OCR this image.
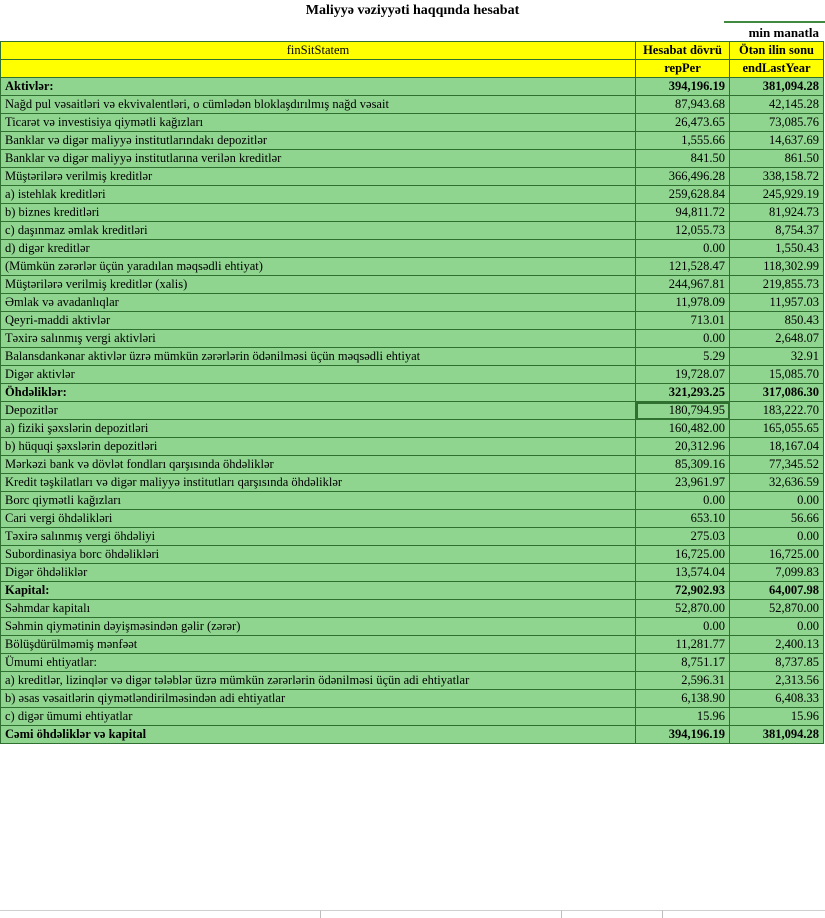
Maliyyə vəziyyəti haqqında hesabat
min manatla
finSitStatem	Hesabat dövrü	Ötən ilin sonu
	repPer	endLastYear
Aktivlər:	394,196.19	381,094.28
Nağd pul vəsaitləri və ekvivalentləri, o cümlədən bloklaşdırılmış nağd vəsait	87,943.68	42,145.28
Ticarət və investisiya qiymətli kağızları	26,473.65	73,085.76
Banklar və digər maliyyə institutlarındakı depozitlər	1,555.66	14,637.69
Banklar və digər maliyyə institutlarına verilən kreditlər	841.50	861.50
Müştərilərə verilmiş kreditlər	366,496.28	338,158.72
a) istehlak kreditləri	259,628.84	245,929.19
b) biznes kreditləri	94,811.72	81,924.73
c) daşınmaz əmlak kreditləri	12,055.73	8,754.37
d) digər kreditlər	0.00	1,550.43
(Mümkün zərərlər üçün yaradılan məqsədli ehtiyat)	121,528.47	118,302.99
Müştərilərə verilmiş kreditlər (xalis)	244,967.81	219,855.73
Əmlak və avadanlıqlar	11,978.09	11,957.03
Qeyri-maddi aktivlər	713.01	850.43
Təxirə salınmış vergi aktivləri	0.00	2,648.07
Balansdankənar aktivlər üzrə mümkün zərərlərin ödənilməsi üçün məqsədli ehtiyat	5.29	32.91
Digər aktivlər	19,728.07	15,085.70
Öhdəliklər:	321,293.25	317,086.30
Depozitlər	180,794.95	183,222.70
a) fiziki şəxslərin depozitləri	160,482.00	165,055.65
b) hüquqi şəxslərin depozitləri	20,312.96	18,167.04
Mərkəzi bank və dövlət fondları qarşısında öhdəliklər	85,309.16	77,345.52
Kredit təşkilatları və digər maliyyə institutları qarşısında öhdəliklər	23,961.97	32,636.59
Borc qiymətli kağızları	0.00	0.00
Cari vergi öhdəlikləri	653.10	56.66
Təxirə salınmış vergi öhdəliyi	275.03	0.00
Subordinasiya borc öhdəlikləri	16,725.00	16,725.00
Digər öhdəliklər	13,574.04	7,099.83
Kapital:	72,902.93	64,007.98
Səhmdar kapitalı	52,870.00	52,870.00
Səhmin qiymətinin dəyişməsindən gəlir (zərər)	0.00	0.00
Bölüşdürülməmiş mənfəət	11,281.77	2,400.13
Ümumi ehtiyatlar:	8,751.17	8,737.85
a) kreditlər, lizinqlər və digər tələblər üzrə mümkün zərərlərin ödənilməsi üçün adi ehtiyatlar	2,596.31	2,313.56
b) əsas vəsaitlərin qiymətləndirilməsindən adi ehtiyatlar	6,138.90	6,408.33
c) digər ümumi ehtiyatlar	15.96	15.96
Cəmi öhdəliklər və kapital	394,196.19	381,094.28
